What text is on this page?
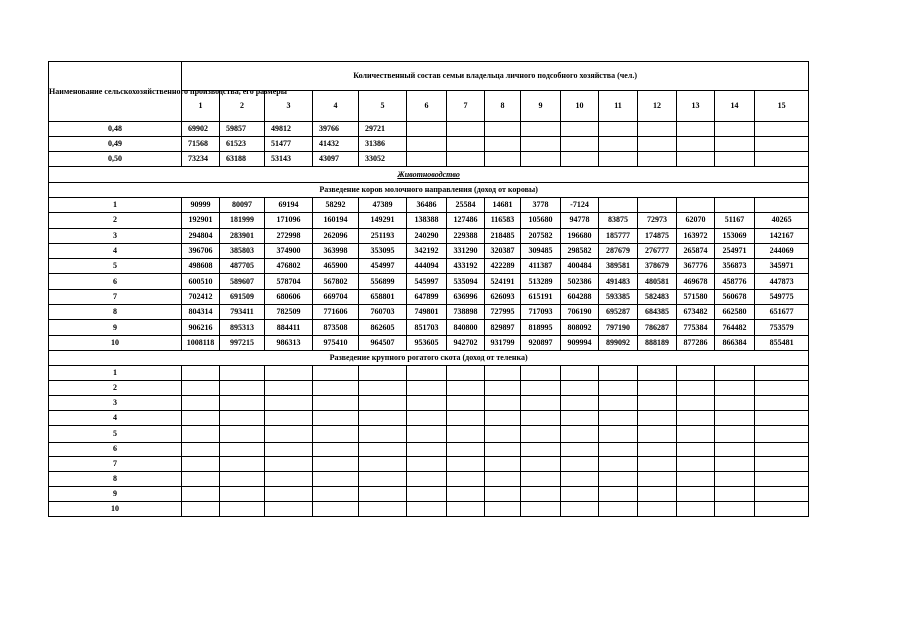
Наименование сельскохозяйственного производства, его размеры	Количественный состав семьи владельца личного подсобного хозяйства (чел.)														
	1	2	3	4	5	6	7	8	9	10	11	12	13	14	15
0,48	69902	59857	49812	39766	29721										
0,49	71568	61523	51477	41432	31386										
0,50	73234	63188	53143	43097	33052										
Животноводство															
Разведение коров молочного направления (доход от коровы)															
1	90999	80097	69194	58292	47389	36486	25584	14681	3778	-7124					
2	192901	181999	171096	160194	149291	138388	127486	116583	105680	94778	83875	72973	62070	51167	40265
3	294804	283901	272998	262096	251193	240290	229388	218485	207582	196680	185777	174875	163972	153069	142167
4	396706	385803	374900	363998	353095	342192	331290	320387	309485	298582	287679	276777	265874	254971	244069
5	498608	487705	476802	465900	454997	444094	433192	422289	411387	400484	389581	378679	367776	356873	345971
6	600510	589607	578704	567802	556899	545997	535094	524191	513289	502386	491483	480581	469678	458776	447873
7	702412	691509	680606	669704	658801	647899	636996	626093	615191	604288	593385	582483	571580	560678	549775
8	804314	793411	782509	771606	760703	749801	738898	727995	717093	706190	695287	684385	673482	662580	651677
9	906216	895313	884411	873508	862605	851703	840800	829897	818995	808092	797190	786287	775384	764482	753579
10	1008118	997215	986313	975410	964507	953605	942702	931799	920897	909994	899092	888189	877286	866384	855481
Разведение крупного рогатого скота (доход от теленка)															
1															
2															
3															
4															
5															
6															
7															
8															
9															
10															
